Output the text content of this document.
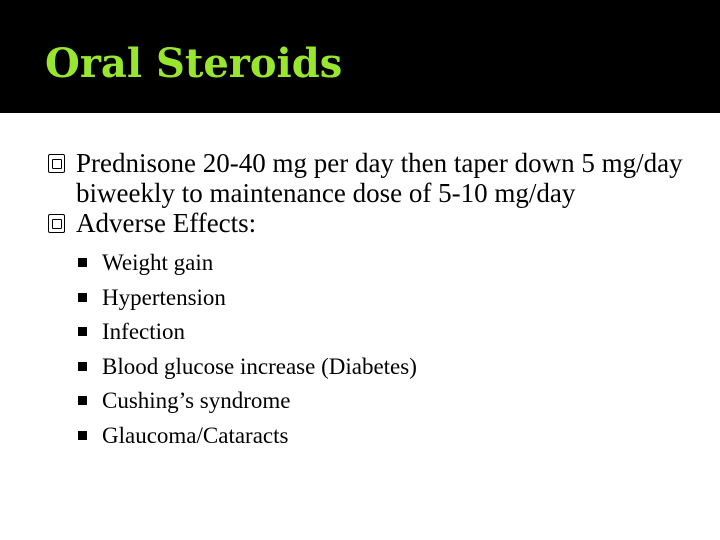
Oral Steroids
Prednisone 20-40 mg per day then taper down 5 mg/day biweekly to maintenance dose of 5-10 mg/day
Adverse Effects:
Weight gain
Hypertension
Infection
Blood glucose increase (Diabetes)
Cushing’s syndrome
Glaucoma/Cataracts
